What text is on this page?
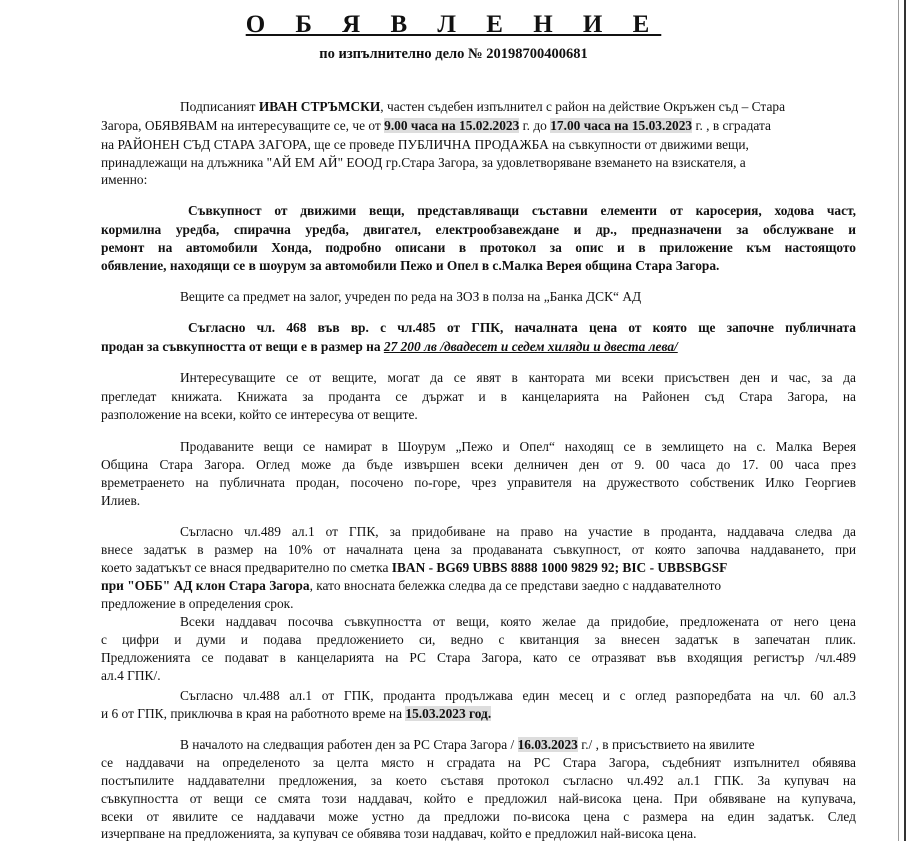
О Б Я В Л Е Н И Е
по изпълнително дело № 20198700400681
Подписаният ИВАН СТРЪМСКИ, частен съдебен изпълнител с район на действие Окръжен съд – Стара
Загора, ОБЯВЯВАМ на интересуващите се, че от 9.00 часа на 15.02.2023 г. до 17.00 часа на 15.03.2023 г. , в сградата
на РАЙОНЕН СЪД СТАРА ЗАГОРА, ще се проведе ПУБЛИЧНА ПРОДАЖБА на съвкупности от движими вещи,
принадлежащи на длъжника "АЙ ЕМ АЙ" ЕООД гр.Стара Загора, за удовлетворяване вземането на взискателя, а
именно:
Съвкупност от движими вещи, представляващи съставни елементи от каросерия, ходова част,
кормилна уредба, спирачна уредба, двигател, електрообзавеждане и др., предназначени за обслужване и
ремонт на автомобили Хонда, подробно описани в протокол за опис и в приложение към настоящото
обявление, находящи се в шоурум за автомобили Пежо и Опел в с.Малка Верея община Стара Загора.
Вещите са предмет на залог, учреден по реда на ЗОЗ в полза на „Банка ДСК“ АД
Съгласно чл. 468 във вр. с чл.485 от ГПК, началната цена от която ще започне публичната
продан за съвкупността от вещи е в размер на 27 200 лв /двадесет и седем хиляди и двеста лева/
Интересуващите се от вещите, могат да се явят в кантората ми всеки присъствен ден и час, за да
прегледат книжата. Книжата за проданта се държат и в канцеларията на Районен съд Стара Загора, на
разположение на всеки, който се интересува от вещите.
Продаваните вещи се намират в Шоурум „Пежо и Опел“ находящ се в землището на с. Малка Верея
Община Стара Загора. Оглед може да бъде извършен всеки делничен ден от 9. 00 часа до 17. 00 часа през
времетраенето на публичната продан, посочено по-горе, чрез управителя на дружеството собственик Илко Георгиев
Илиев.
Съгласно чл.489 ал.1 от ГПК, за придобиване на право на участие в проданта, наддавача следва да
внесе задатък в размер на 10% от началната цена за продаваната съвкупност, от която започва наддаването, при
което задатъкът се внася предварително по сметка IBAN - BG69 UBBS 8888 1000 9829 92; BIC - UBBSBGSF
при "ОББ" АД клон Стара Загора, като вносната бележка следва да се представи заедно с наддавателното
предложение в определения срок.
Всеки наддавач посочва съвкупността от вещи, която желае да придобие, предложената от него цена
с цифри и думи и подава предложението си, ведно с квитанция за внесен задатък в запечатан плик.
Предложенията се подават в канцеларията на РС Стара Загора, като се отразяват във входящия регистър /чл.489
ал.4 ГПК/.
Съгласно чл.488 ал.1 от ГПК, проданта продължава един месец и с оглед разпоредбата на чл. 60 ал.3
и 6 от ГПК, приключва в края на работното време на 15.03.2023 год.
В началото на следващия работен ден за РС Стара Загора / 16.03.2023 г./ , в присъствието на явилите
се наддавачи на определеното за целта място н сградата на РС Стара Загора, съдебният изпълнител обявява
постъпилите наддавателни предложения, за което съставя протокол съгласно чл.492 ал.1 ГПК. За купувач на
съвкупността от вещи се смята този наддавач, който е предложил най-висока цена. При обявяване на купувача,
всеки от явилите се наддавачи може устно да предложи по-висока цена с размера на един задатък. След
изчерпване на предложенията, за купувач се обявява този наддавач, който е предложил най-висока цена.
